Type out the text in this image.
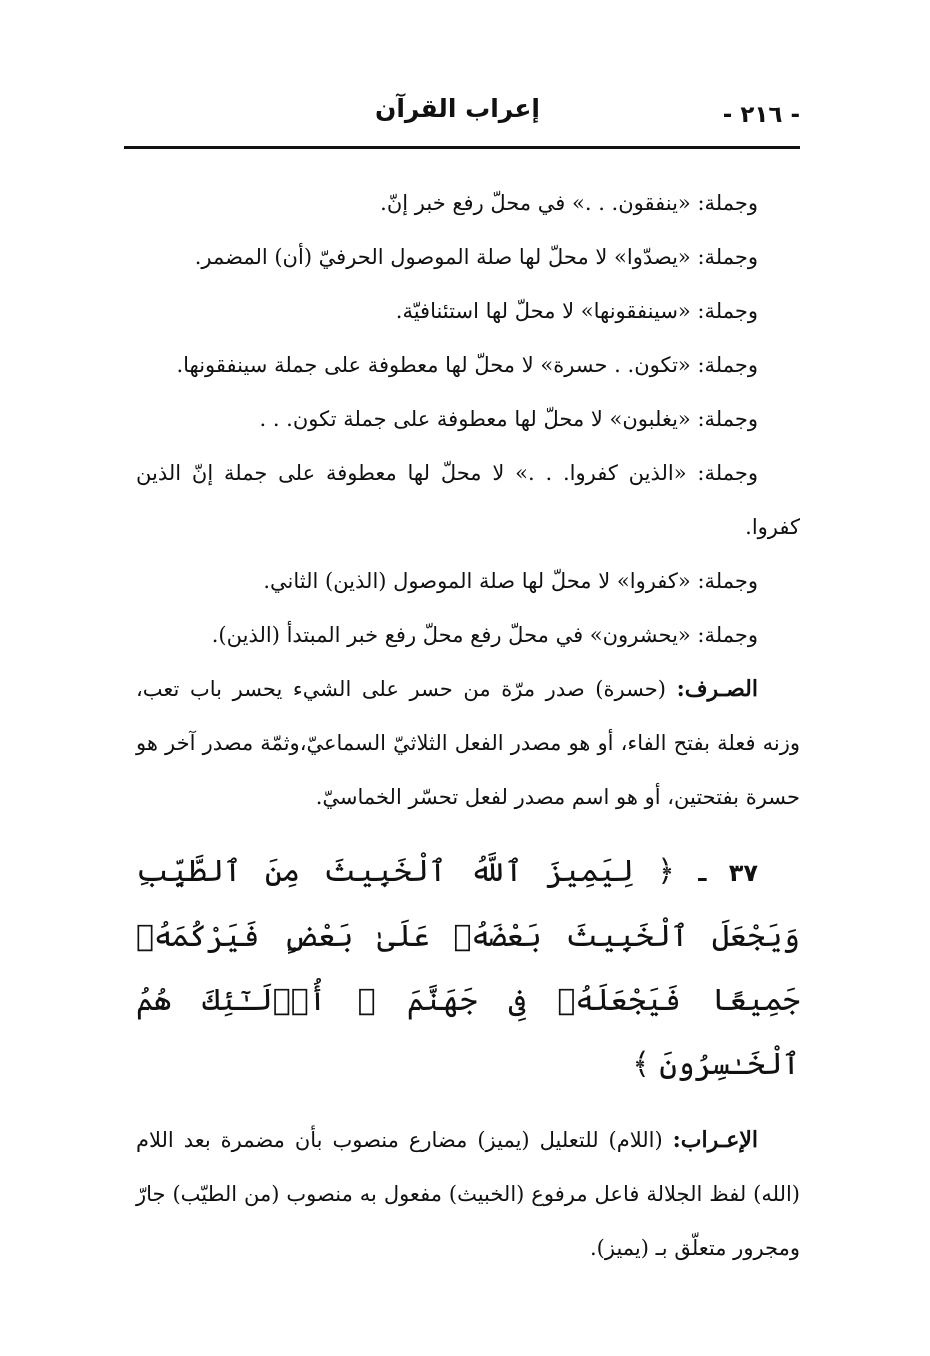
إعراب القرآن	- ٢١٦ -

وجملة: «ينفقون. . .» في محلّ رفع خبر إنّ.

وجملة: «يصدّوا» لا محلّ لها صلة الموصول الحرفيّ (أن) المضمر.

وجملة: «سينفقونها» لا محلّ لها استئنافيّة.

وجملة: «تكون. . حسرة» لا محلّ لها معطوفة على جملة سينفقونها.

وجملة: «يغلبون» لا محلّ لها معطوفة على جملة تكون. . .

وجملة: «الذين كفروا. . .» لا محلّ لها معطوفة على جملة إنّ الذين كفروا.

وجملة: «كفروا» لا محلّ لها صلة الموصول (الذين) الثاني.

وجملة: «يحشرون» في محلّ رفع محلّ رفع خبر المبتدأ (الذين).

الصـرف: (حسرة) صدر مرّة من حسر على الشيء يحسر باب تعب، وزنه فعلة بفتح الفاء، أو هو مصدر الفعل الثلاثيّ السماعيّ،وثمّة مصدر آخر هو حسرة بفتحتين، أو هو اسم مصدر لفعل تحسّر الخماسيّ.

٣٧ ـ ﴿ لِيَمِيزَ ٱللَّهُ ٱلْخَبِيثَ مِنَ ٱلطَّيِّبِ وَيَجْعَلَ ٱلْخَبِيثَ بَعْضَهُۥ عَلَىٰ بَعْضٍ فَيَرْكُمَهُۥ جَمِيعًا فَيَجْعَلَهُۥ فِى جَهَنَّمَ ۚ أُو۟لَـٰٓئِكَ هُمُ ٱلْخَـٰسِرُونَ ﴾

الإعـراب: (اللام) للتعليل (يميز) مضارع منصوب بأن مضمرة بعد اللام (الله) لفظ الجلالة فاعل مرفوع (الخبيث) مفعول به منصوب (من الطيّب) جارّ ومجرور متعلّق بـ (يميز).
